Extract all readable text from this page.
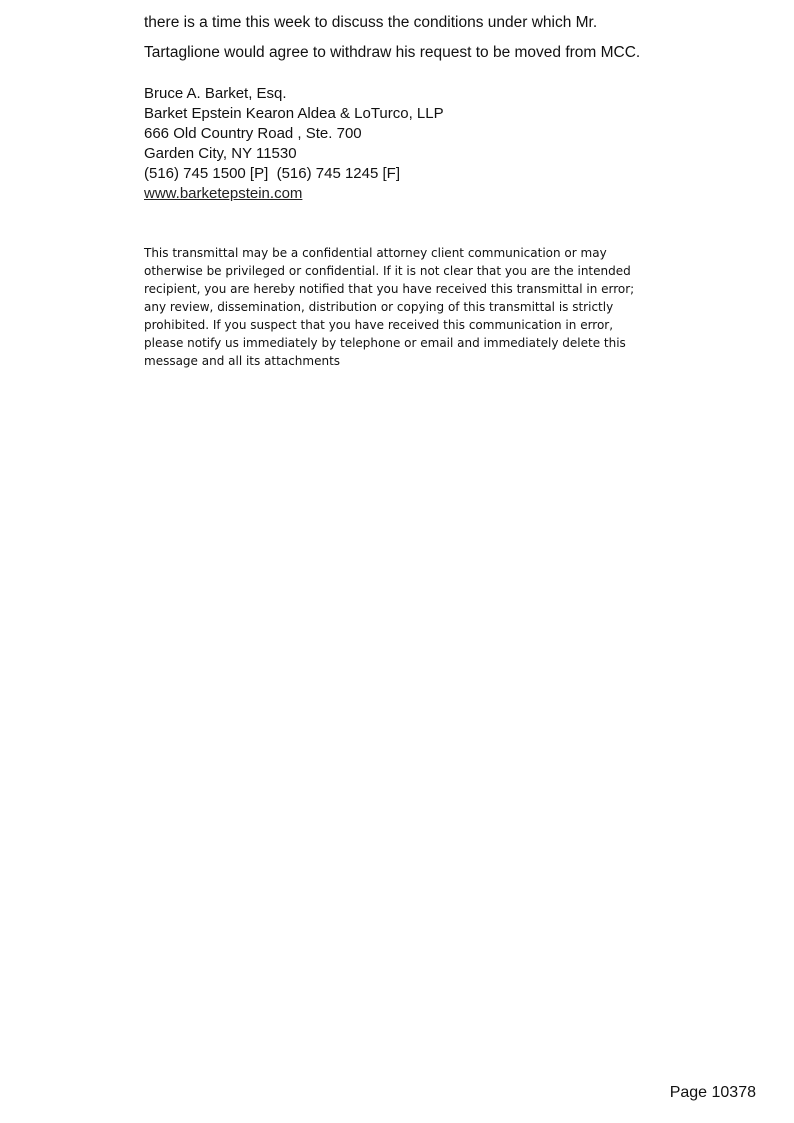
there is a time this week to discuss the conditions under which Mr.
Tartaglione would agree to withdraw his request to be moved from MCC.
Bruce A. Barket, Esq.
Barket Epstein Kearon Aldea & LoTurco, LLP
666 Old Country Road , Ste. 700
Garden City, NY 11530
(516) 745 1500 [P]  (516) 745 1245 [F]
www.barketepstein.com
This transmittal may be a confidential attorney client communication or may
otherwise be privileged or confidential. If it is not clear that you are the intended
recipient, you are hereby notified that you have received this transmittal in error;
any review, dissemination, distribution or copying of this transmittal is strictly
prohibited. If you suspect that you have received this communication in error,
please notify us immediately by telephone or email and immediately delete this
message and all its attachments
Page 10378
